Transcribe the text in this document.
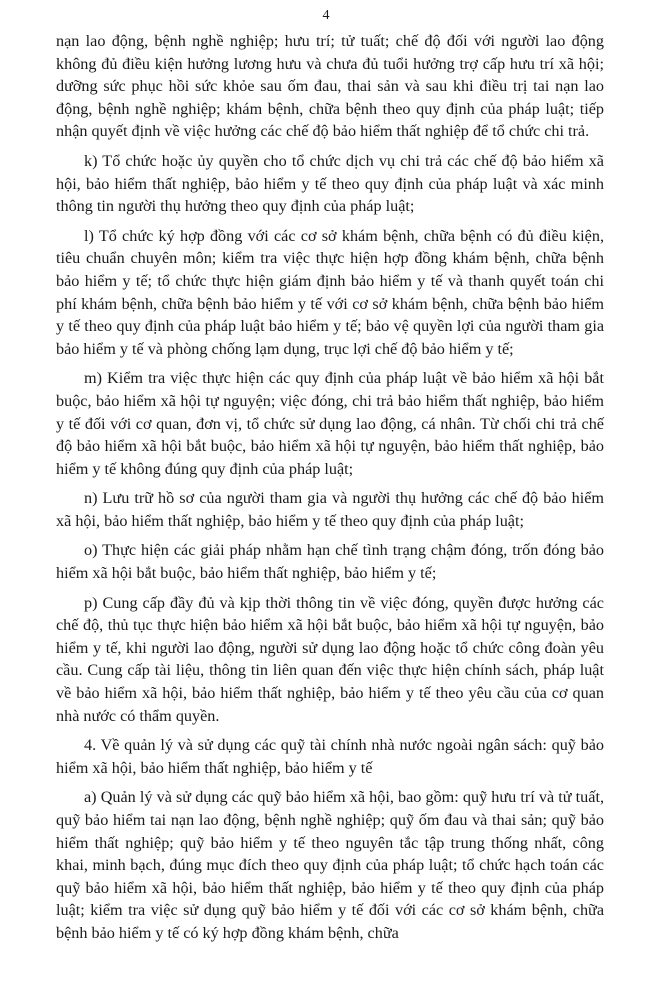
4

nạn lao động, bệnh nghề nghiệp; hưu trí; tử tuất; chế độ đối với người lao động không đủ điều kiện hưởng lương hưu và chưa đủ tuổi hưởng trợ cấp hưu trí xã hội; dưỡng sức phục hồi sức khỏe sau ốm đau, thai sản và sau khi điều trị tai nạn lao động, bệnh nghề nghiệp; khám bệnh, chữa bệnh theo quy định của pháp luật; tiếp nhận quyết định về việc hưởng các chế độ bảo hiểm thất nghiệp để tổ chức chi trả.

k) Tổ chức hoặc ủy quyền cho tổ chức dịch vụ chi trả các chế độ bảo hiểm xã hội, bảo hiểm thất nghiệp, bảo hiểm y tế theo quy định của pháp luật và xác minh thông tin người thụ hưởng theo quy định của pháp luật;

l) Tổ chức ký hợp đồng với các cơ sở khám bệnh, chữa bệnh có đủ điều kiện, tiêu chuẩn chuyên môn; kiểm tra việc thực hiện hợp đồng khám bệnh, chữa bệnh bảo hiểm y tế; tổ chức thực hiện giám định bảo hiểm y tế và thanh quyết toán chi phí khám bệnh, chữa bệnh bảo hiểm y tế với cơ sở khám bệnh, chữa bệnh bảo hiểm y tế theo quy định của pháp luật bảo hiểm y tế; bảo vệ quyền lợi của người tham gia bảo hiểm y tế và phòng chống lạm dụng, trục lợi chế độ bảo hiểm y tế;

m) Kiểm tra việc thực hiện các quy định của pháp luật về bảo hiểm xã hội bắt buộc, bảo hiểm xã hội tự nguyện; việc đóng, chi trả bảo hiểm thất nghiệp, bảo hiểm y tế đối với cơ quan, đơn vị, tổ chức sử dụng lao động, cá nhân. Từ chối chi trả chế độ bảo hiểm xã hội bắt buộc, bảo hiểm xã hội tự nguyện, bảo hiểm thất nghiệp, bảo hiểm y tế không đúng quy định của pháp luật;

n) Lưu trữ hồ sơ của người tham gia và người thụ hưởng các chế độ bảo hiểm xã hội, bảo hiểm thất nghiệp, bảo hiểm y tế theo quy định của pháp luật;

o) Thực hiện các giải pháp nhằm hạn chế tình trạng chậm đóng, trốn đóng bảo hiểm xã hội bắt buộc, bảo hiểm thất nghiệp, bảo hiểm y tế;

p) Cung cấp đầy đủ và kịp thời thông tin về việc đóng, quyền được hưởng các chế độ, thủ tục thực hiện bảo hiểm xã hội bắt buộc, bảo hiểm xã hội tự nguyện, bảo hiểm y tế, khi người lao động, người sử dụng lao động hoặc tổ chức công đoàn yêu cầu. Cung cấp tài liệu, thông tin liên quan đến việc thực hiện chính sách, pháp luật về bảo hiểm xã hội, bảo hiểm thất nghiệp, bảo hiểm y tế theo yêu cầu của cơ quan nhà nước có thẩm quyền.

4. Về quản lý và sử dụng các quỹ tài chính nhà nước ngoài ngân sách: quỹ bảo hiểm xã hội, bảo hiểm thất nghiệp, bảo hiểm y tế

a) Quản lý và sử dụng các quỹ bảo hiểm xã hội, bao gồm: quỹ hưu trí và tử tuất, quỹ bảo hiểm tai nạn lao động, bệnh nghề nghiệp; quỹ ốm đau và thai sản; quỹ bảo hiểm thất nghiệp; quỹ bảo hiểm y tế theo nguyên tắc tập trung thống nhất, công khai, minh bạch, đúng mục đích theo quy định của pháp luật; tổ chức hạch toán các quỹ bảo hiểm xã hội, bảo hiểm thất nghiệp, bảo hiểm y tế theo quy định của pháp luật; kiểm tra việc sử dụng quỹ bảo hiểm y tế đối với các cơ sở khám bệnh, chữa bệnh bảo hiểm y tế có ký hợp đồng khám bệnh, chữa
